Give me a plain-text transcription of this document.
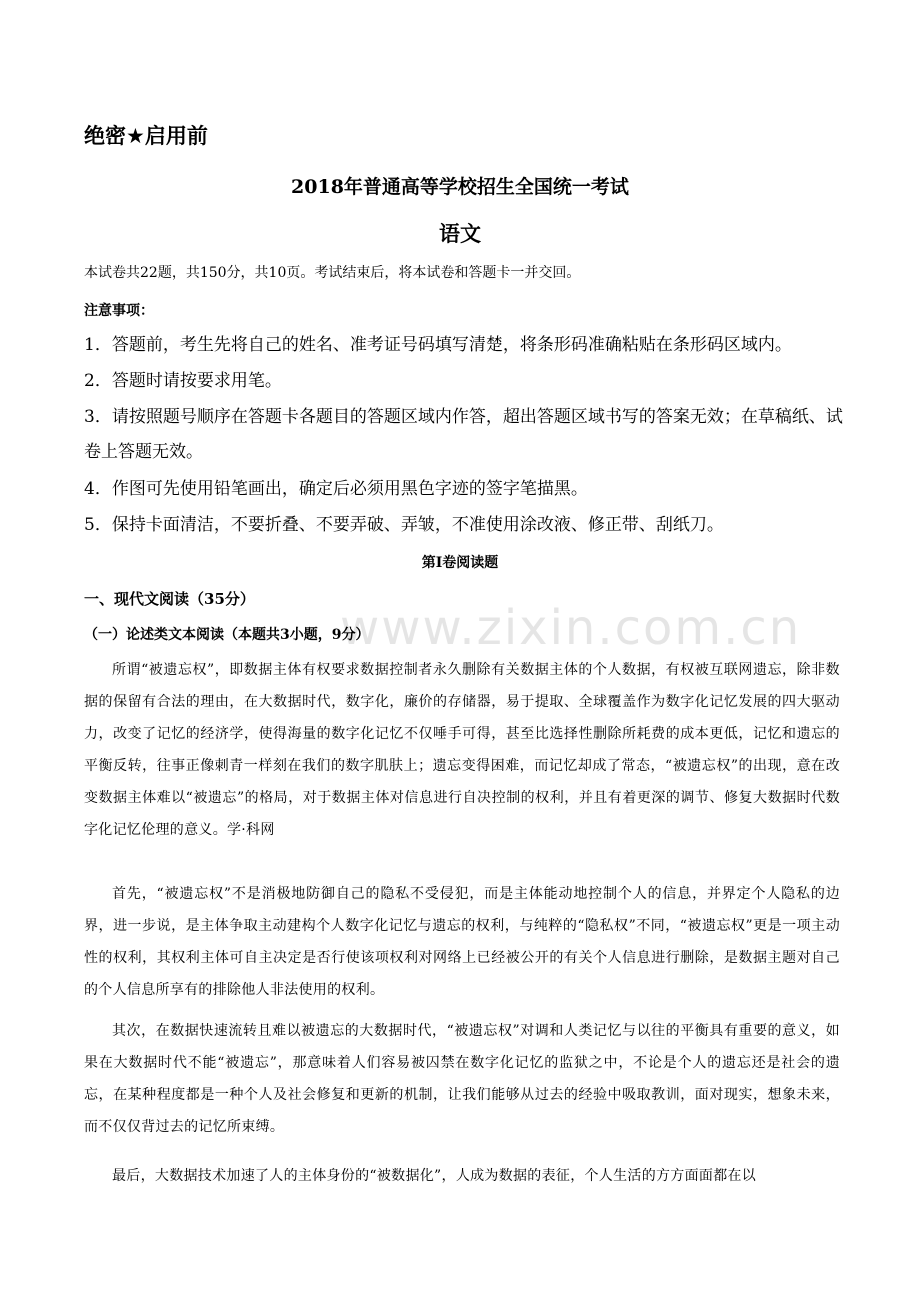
www.zixin.com.cn
绝密★启用前
2018年普通高等学校招生全国统一考试
语文
本试卷共22题，共150分，共10页。考试结束后，将本试卷和答题卡一并交回。
注意事项：
1．答题前，考生先将自己的姓名、准考证号码填写清楚，将条形码准确粘贴在条形码区域内。
2．答题时请按要求用笔。
3．请按照题号顺序在答题卡各题目的答题区域内作答，超出答题区域书写的答案无效；在草稿纸、试卷上答题无效。
4．作图可先使用铅笔画出，确定后必须用黑色字迹的签字笔描黑。
5．保持卡面清洁，不要折叠、不要弄破、弄皱，不准使用涂改液、修正带、刮纸刀。
第Ⅰ卷阅读题
一、现代文阅读（35分）
（一）论述类文本阅读（本题共3小题，9分）
所谓“被遗忘权”，即数据主体有权要求数据控制者永久删除有关数据主体的个人数据，有权被互联网遗忘，除非数据的保留有合法的理由，在大数据时代，数字化，廉价的存储器，易于提取、全球覆盖作为数字化记忆发展的四大驱动力，改变了记忆的经济学，使得海量的数字化记忆不仅唾手可得，甚至比选择性删除所耗费的成本更低，记忆和遗忘的平衡反转，往事正像刺青一样刻在我们的数字肌肤上；遗忘变得困难，而记忆却成了常态，“被遗忘权”的出现，意在改变数据主体难以“被遗忘”的格局，对于数据主体对信息进行自决控制的权利，并且有着更深的调节、修复大数据时代数字化记忆伦理的意义。学·科网
首先，“被遗忘权”不是消极地防御自己的隐私不受侵犯，而是主体能动地控制个人的信息，并界定个人隐私的边界，进一步说，是主体争取主动建构个人数字化记忆与遗忘的权利，与纯粹的“隐私权”不同，“被遗忘权”更是一项主动性的权利，其权利主体可自主决定是否行使该项权利对网络上已经被公开的有关个人信息进行删除，是数据主题对自己的个人信息所享有的排除他人非法使用的权利。
其次，在数据快速流转且难以被遗忘的大数据时代，“被遗忘权”对调和人类记忆与以往的平衡具有重要的意义，如果在大数据时代不能“被遗忘”，那意味着人们容易被囚禁在数字化记忆的监狱之中，不论是个人的遗忘还是社会的遗忘，在某种程度都是一种个人及社会修复和更新的机制，让我们能够从过去的经验中吸取教训，面对现实，想象未来，而不仅仅背过去的记忆所束缚。
最后，大数据技术加速了人的主体身份的“被数据化”，人成为数据的表征，个人生活的方方面面都在以
